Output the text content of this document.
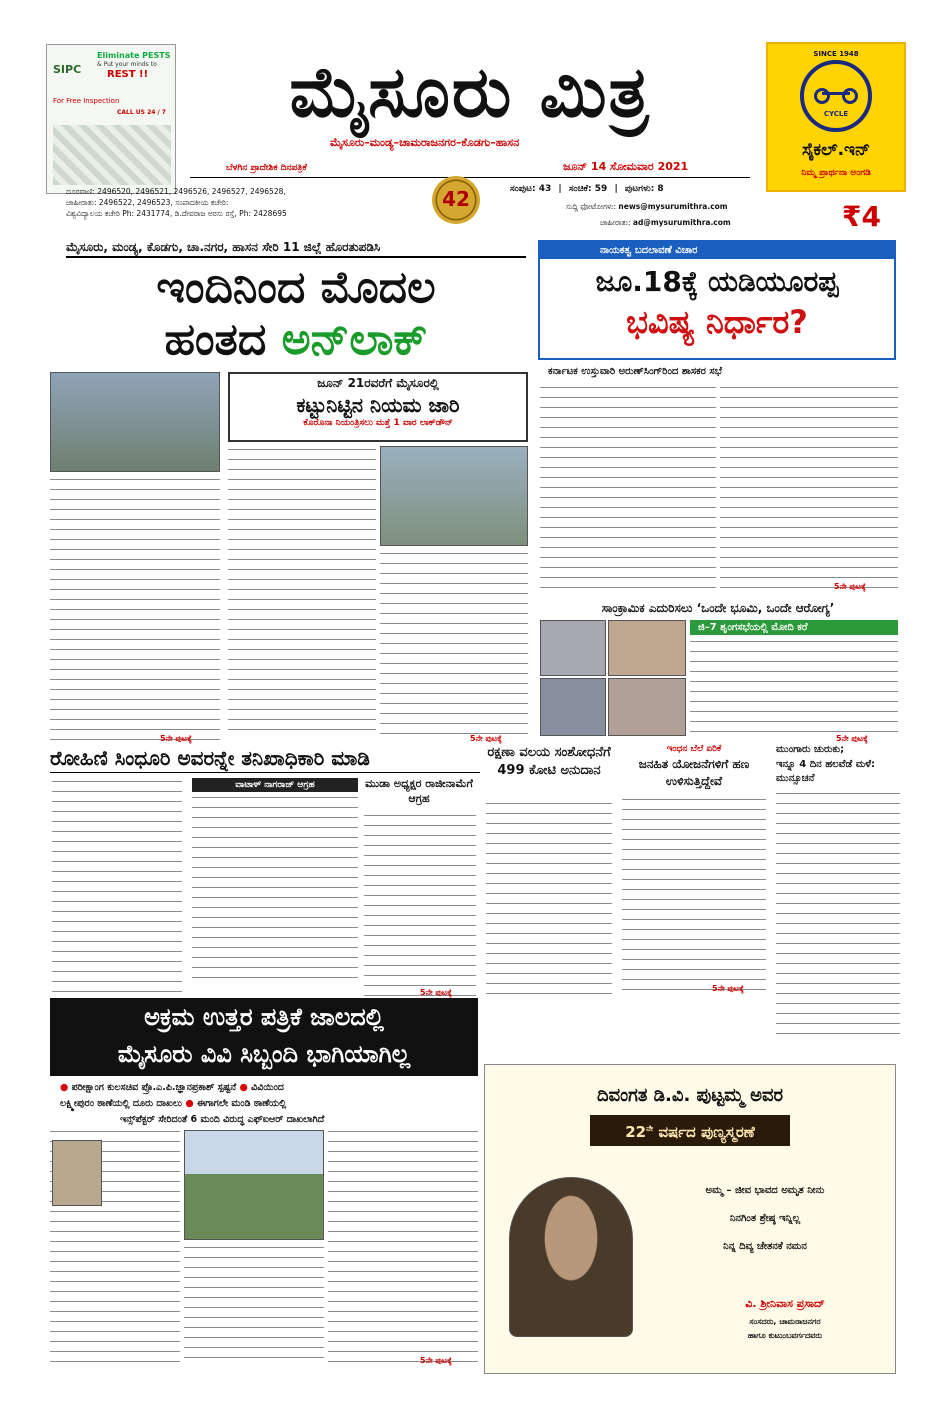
SIPC
Eliminate PESTS
& Put your minds to
REST !!
For Free Inspection
CALL US 24 / 7	ಮೈಸೂರು ಮಿತ್ರ
ಮೈಸೂರು–ಮಂಡ್ಯ–ಚಾಮರಾಜನಗರ–ಕೊಡಗು–ಹಾಸನ
ಬೆಳಗಿನ ಪ್ರಾದೇಶಿಕ ದಿನಪತ್ರಿಕೆ	ಜೂನ್ 14 ಸೋಮವಾರ 2021
42
ದೂರವಾಣಿ: 2496520, 2496521, 2496526, 2496527, 2496528,
ಜಾಹೀರಾತು: 2496522, 2496523, ಸಂಪಾದಕೀಯ ಕಚೇರಿ:
ವಿಶ್ವವಿದ್ಯಾಲಯ ಕಚೇರಿ Ph: 2431774, ಡಿ.ದೇವರಾಜ ಅರಸು ರಸ್ತೆ, Ph: 2428695
ಸಂಪುಟ: 43 | ಸಂಚಿಕೆ: 59 | ಪುಟಗಳು: 8
ಸುದ್ದಿ ಫೋಟೋಗಳು: news@mysurumithra.com
ಜಾಹೀರಾತು: ad@mysurumithra.com	₹4
SINCE 1948
CYCLE
ಸೈಕಲ್.ಇನ್
ನಿಮ್ಮ ಪ್ರಾರ್ಥನಾ ಅಂಗಡಿ
ಮೈಸೂರು, ಮಂಡ್ಯ, ಕೊಡಗು, ಚಾ.ನಗರ, ಹಾಸನ ಸೇರಿ 11 ಜಿಲ್ಲೆ ಹೊರತುಪಡಿಸಿ
ಇಂದಿನಿಂದ ಮೊದಲ
ಹಂತದ ಅನ್‌ಲಾಕ್
ನಾಯಕತ್ವ ಬದಲಾವಣೆ ವಿಚಾರ
ಜೂ.18ಕ್ಕೆ ಯಡಿಯೂರಪ್ಪ
ಭವಿಷ್ಯ ನಿರ್ಧಾರ?
ಕರ್ನಾಟಕ ಉಸ್ತುವಾರಿ ಅರುಣ್‌ಸಿಂಗ್‌ರಿಂದ ಶಾಸಕರ ಸಭೆ
5ನೇ ಪುಟಕ್ಕೆ
5ನೇ ಪುಟಕ್ಕೆ
ಜೂನ್ 21ರವರೆಗೆ ಮೈಸೂರಲ್ಲಿ
ಕಟ್ಟುನಿಟ್ಟಿನ ನಿಯಮ ಜಾರಿ
ಕೊರೊನಾ ನಿಯಂತ್ರಿಸಲು ಮತ್ತೆ 1 ವಾರ ಲಾಕ್‌ಡೌನ್
5ನೇ ಪುಟಕ್ಕೆ
ಸಾಂಕ್ರಾಮಿಕ ಎದುರಿಸಲು ‘ಒಂದೇ ಭೂಮಿ, ಒಂದೇ ಆರೋಗ್ಯ’
ಜಿ–7 ಶೃಂಗಸಭೆಯಲ್ಲಿ ಮೋದಿ ಕರೆ
5ನೇ ಪುಟಕ್ಕೆ
ರೋಹಿಣಿ ಸಿಂಧೂರಿ ಅವರನ್ನೇ ತನಿಖಾಧಿಕಾರಿ ಮಾಡಿ
ವಾಟಾಳ್ ನಾಗರಾಜ್ ಆಗ್ರಹ	ಮುಡಾ ಅಧ್ಯಕ್ಷರ ರಾಜೀನಾಮೆಗೆ ಆಗ್ರಹ
5ನೇ ಪುಟಕ್ಕೆ
ರಕ್ಷಣಾ ವಲಯ ಸಂಶೋಧನೆಗೆ 499 ಕೋಟಿ ಅನುದಾನ
ಇಂಧನ ಬೆಲೆ ಏರಿಕೆ
ಜನಹಿತ ಯೋಜನೆಗಳಿಗೆ ಹಣ ಉಳಿಸುತ್ತಿದ್ದೇವೆ
5ನೇ ಪುಟಕ್ಕೆ
ಮುಂಗಾರು ಚುರುಕು;
ಇನ್ನೂ 4 ದಿನ ಹಲವೆಡೆ ಮಳೆ: ಮುನ್ಸೂಚನೆ
ಅಕ್ರಮ ಉತ್ತರ ಪತ್ರಿಕೆ ಜಾಲದಲ್ಲಿ
ಮೈಸೂರು ವಿವಿ ಸಿಬ್ಬಂದಿ ಭಾಗಿಯಾಗಿಲ್ಲ
● ಪರೀಕ್ಷಾಂಗ ಕುಲಸಚಿವ ಪ್ರೊ.ಎ.ಪಿ.ಜ್ಞಾನಪ್ರಕಾಶ್ ಸ್ಪಷ್ಟನೆ ● ವಿವಿಯಿಂದ
ಲಕ್ಷ್ಮೀಪುರಂ ಠಾಣೆಯಲ್ಲಿ ದೂರು ದಾಖಲು ● ಈಗಾಗಲೇ ಮಂಡಿ ಠಾಣೆಯಲ್ಲಿ
ಇನ್ಸ್‌ಪೆಕ್ಟರ್ ಸೇರಿದಂತೆ 6 ಮಂದಿ ವಿರುದ್ಧ ಎಫ್‌ಐಆರ್ ದಾಖಲಾಗಿದೆ
5ನೇ ಪುಟಕ್ಕೆ
ದಿವಂಗತ ಡಿ.ವಿ. ಪುಟ್ಟಮ್ಮ ಅವರ
$22^{ನೇ}$ ವರ್ಷದ ಪುಣ್ಯಸ್ಮರಣೆ
ಅಮ್ಮ – ಜೀವ ಭಾವದ ಅಮೃತ ನೀನು
ನಿನಗಿಂತ ಶ್ರೇಷ್ಠ ಇನ್ನಿಲ್ಲ
ನಿನ್ನ ದಿವ್ಯ ಚೇತನಕೆ ನಮನ
ವಿ. ಶ್ರೀನಿವಾಸ ಪ್ರಸಾದ್
ಸಂಸದರು, ಚಾಮರಾಜನಗರ
ಹಾಗೂ ಕುಟುಂಬವರ್ಗದವರು
